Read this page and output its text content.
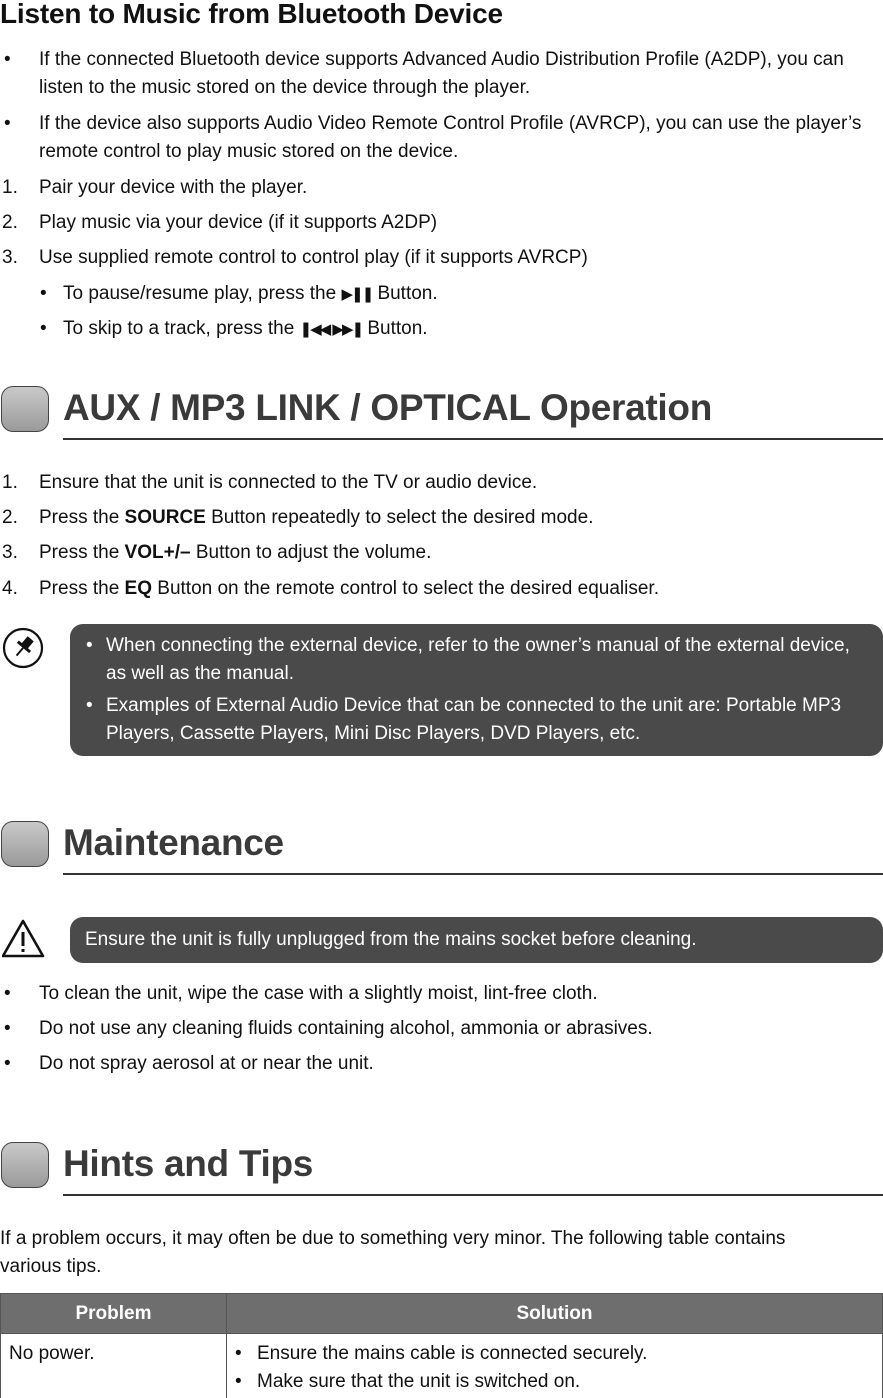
Listen to Music from Bluetooth Device
•	If the connected Bluetooth device supports Advanced Audio Distribution Profile (A2DP), you can listen to the music stored on the device through the player.
•	If the device also supports Audio Video Remote Control Profile (AVRCP), you can use the player’s remote control to play music stored on the device.
1. Pair your device with the player.
2. Play music via your device (if it supports A2DP)
3. Use supplied remote control to control play (if it supports AVRCP)
• To pause/resume play, press the ▶❚❚ Button.
• To skip to a track, press the ❚◀◀ ▶▶❚ Button.
AUX / MP3 LINK / OPTICAL Operation
1. Ensure that the unit is connected to the TV or audio device.
2. Press the SOURCE Button repeatedly to select the desired mode.
3. Press the VOL+/– Button to adjust the volume.
4. Press the EQ Button on the remote control to select the desired equaliser.
• When connecting the external device, refer to the owner’s manual of the external device, as well as the manual.
• Examples of External Audio Device that can be connected to the unit are: Portable MP3 Players, Cassette Players, Mini Disc Players, DVD Players, etc.
Maintenance
Ensure the unit is fully unplugged from the mains socket before cleaning.
•	To clean the unit, wipe the case with a slightly moist, lint-free cloth.
•	Do not use any cleaning fluids containing alcohol, ammonia or abrasives.
•	Do not spray aerosol at or near the unit.
Hints and Tips
If a problem occurs, it may often be due to something very minor. The following table contains various tips.
Problem	Solution
No power.	• Ensure the mains cable is connected securely.
• Make sure that the unit is switched on.
